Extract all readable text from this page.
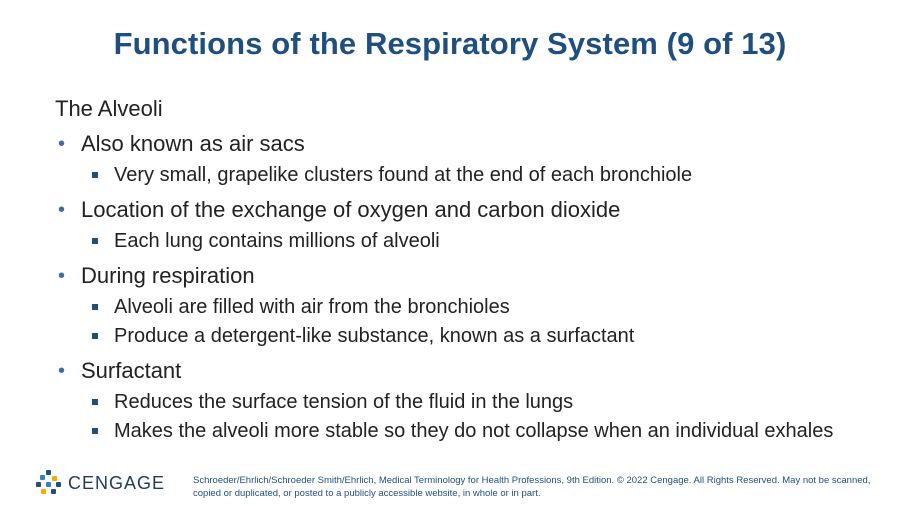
Functions of the Respiratory System (9 of 13)
The Alveoli
• Also known as air sacs
Very small, grapelike clusters found at the end of each bronchiole
• Location of the exchange of oxygen and carbon dioxide
Each lung contains millions of alveoli
• During respiration
Alveoli are filled with air from the bronchioles
Produce a detergent-like substance, known as a surfactant
• Surfactant
Reduces the surface tension of the fluid in the lungs
Makes the alveoli more stable so they do not collapse when an individual exhales
CENGAGE	Schroeder/Ehrlich/Schroeder Smith/Ehrlich, Medical Terminology for Health Professions, 9th Edition. © 2022 Cengage. All Rights Reserved. May not be scanned, copied or duplicated, or posted to a publicly accessible website, in whole or in part.
